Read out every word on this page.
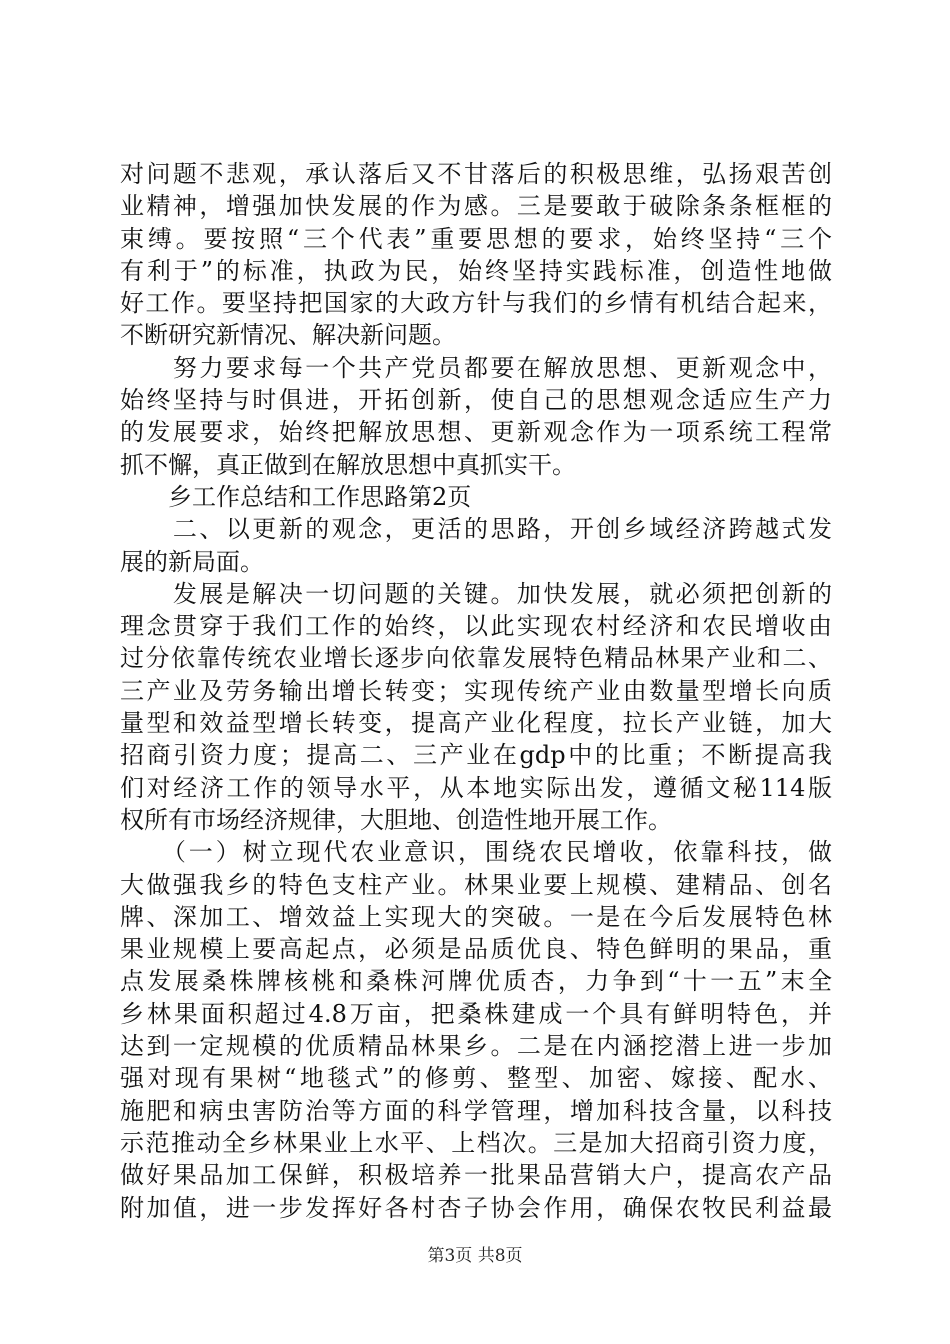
对问题不悲观，承认落后又不甘落后的积极思维，弘扬艰苦创
业精神，增强加快发展的作为感。三是要敢于破除条条框框的
束缚。要按照“三个代表”重要思想的要求，始终坚持“三个
有利于”的标准，执政为民，始终坚持实践标准，创造性地做
好工作。要坚持把国家的大政方针与我们的乡情有机结合起来，
不断研究新情况、解决新问题。
　　努力要求每一个共产党员都要在解放思想、更新观念中，
始终坚持与时俱进，开拓创新，使自己的思想观念适应生产力
的发展要求，始终把解放思想、更新观念作为一项系统工程常
抓不懈，真正做到在解放思想中真抓实干。
　　乡工作总结和工作思路第2页
　　二、以更新的观念，更活的思路，开创乡域经济跨越式发
展的新局面。
　　发展是解决一切问题的关键。加快发展，就必须把创新的
理念贯穿于我们工作的始终，以此实现农村经济和农民增收由
过分依靠传统农业增长逐步向依靠发展特色精品林果产业和二、
三产业及劳务输出增长转变；实现传统产业由数量型增长向质
量型和效益型增长转变，提高产业化程度，拉长产业链，加大
招商引资力度；提高二、三产业在gdp中的比重；不断提高我
们对经济工作的领导水平，从本地实际出发，遵循文秘114版
权所有市场经济规律，大胆地、创造性地开展工作。
　　（一）树立现代农业意识，围绕农民增收，依靠科技，做
大做强我乡的特色支柱产业。林果业要上规模、建精品、创名
牌、深加工、增效益上实现大的突破。一是在今后发展特色林
果业规模上要高起点，必须是品质优良、特色鲜明的果品，重
点发展桑株牌核桃和桑株河牌优质杏，力争到“十一五”末全
乡林果面积超过4.8万亩，把桑株建成一个具有鲜明特色，并
达到一定规模的优质精品林果乡。二是在内涵挖潜上进一步加
强对现有果树“地毯式”的修剪、整型、加密、嫁接、配水、
施肥和病虫害防治等方面的科学管理，增加科技含量，以科技
示范推动全乡林果业上水平、上档次。三是加大招商引资力度，
做好果品加工保鲜，积极培养一批果品营销大户，提高农产品
附加值，进一步发挥好各村杏子协会作用，确保农牧民利益最
第3页 共8页
